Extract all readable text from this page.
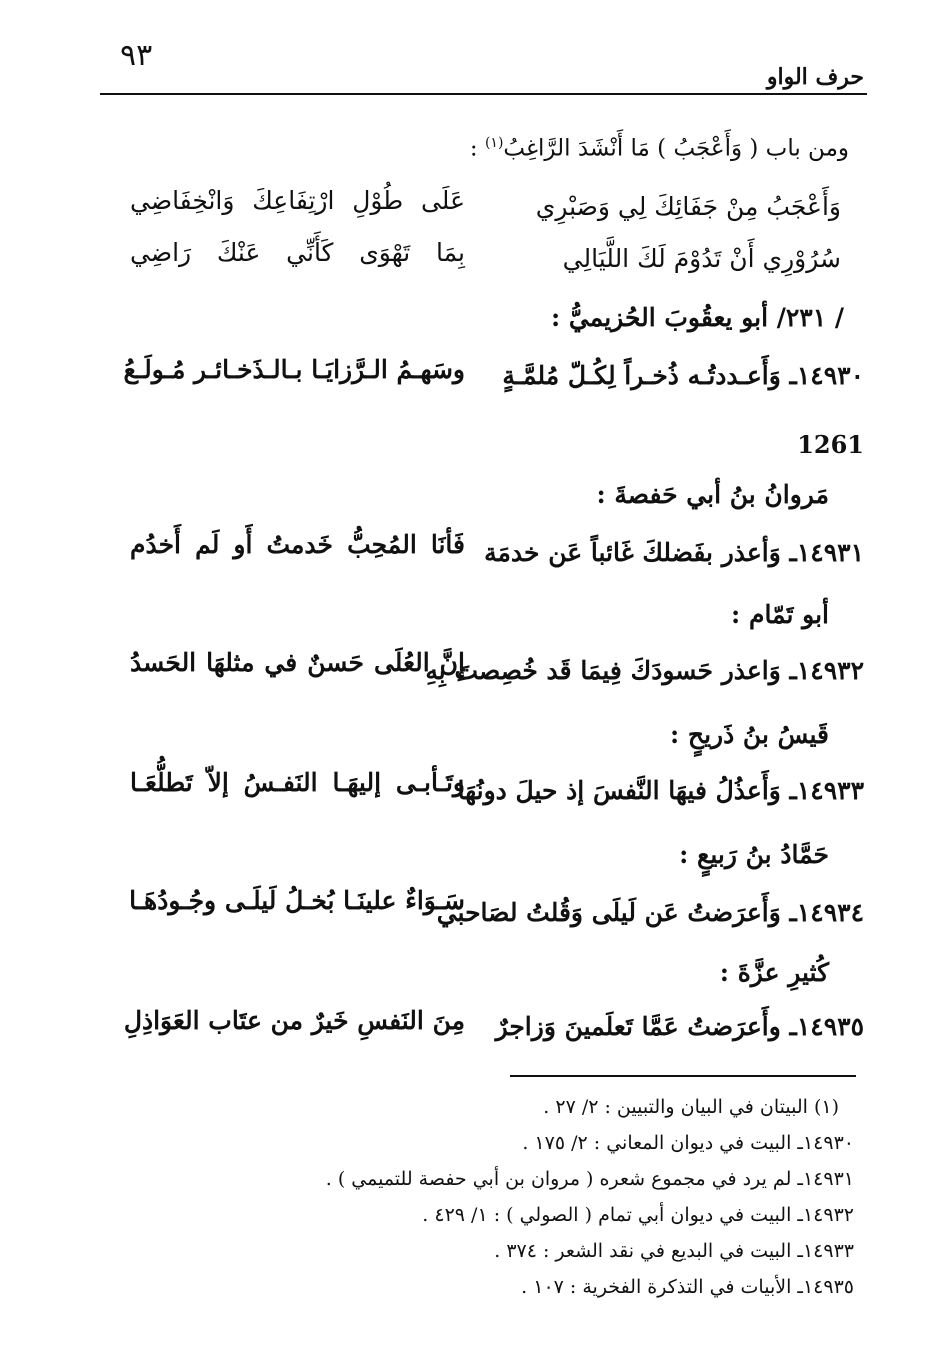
٩٣
حرف الواو
ومن باب ( وَأَعْجَبُ ) مَا أَنْشَدَ الرَّاغِبُ$^{(١)}$ :
وَأَعْجَبُ مِنْ جَفَائِكَ لِي وَصَبْرِي
عَلَى طُوْلِ ارْتِفَاعِكَ وَانْخِفَاضِي
سُرُوْرِي أَنْ تَدُوْمَ لَكَ اللَّيَالِي
بِمَا تَهْوَى كَأَنِّي عَنْكَ رَاضِي
/ ٢٣١/ أبو يعقُوبَ الحُزيميُّ :
١٤٩٣٠ـ وَأَعـددتُـه ذُخـراً لِكُـلّ مُلمَّـةٍ
وسَهـمُ الـرَّزايَـا بـالـذَخـائـر مُـولَـعُ
1261
مَروانُ بنُ أبي حَفصةَ :
١٤٩٣١ـ وَأعذر بفَضلكَ غَائباً عَن خدمَة
فَأنَا المُحِبُّ خَدمتُ أَو لَم أَخدُم
أبو تَمّام :
١٤٩٣٢ـ وَاعذر حَسودَكَ فِيمَا قَد خُصِصتَ بِهِ
إِنَّ العُلَى حَسنٌ في مثلهَا الحَسدُ
قَيسُ بنُ ذَريحٍ :
١٤٩٣٣ـ وَأَعذُلُ فيهَا النَّفسَ إذ حيلَ دونُهَا
وتَـأبـى إليهَـا النَفـسُ إلاّ تَطلُّعَـا
حَمَّادُ بنُ رَبيعٍ :
١٤٩٣٤ـ وَأَعرَضتُ عَن لَيلَى وَقُلتُ لصَاحبي
سَـوَاءٌ علينَـا بُخـلُ لَيلَـى وجُـودُهَـا
كُثيرِ عزَّةَ :
١٤٩٣٥ـ وأَعرَضتُ عَمَّا تَعلَمينَ وَزاجرٌ
مِنَ النَفسِ خَيرٌ من عتَاب العَوَاذِلِ
(١) البيتان في البيان والتبيين : ٢/ ٢٧ .
١٤٩٣٠ـ البيت في ديوان المعاني : ٢/ ١٧٥ .
١٤٩٣١ـ لم يرد في مجموع شعره ( مروان بن أبي حفصة للتميمي ) .
١٤٩٣٢ـ البيت في ديوان أبي تمام ( الصولي ) : ١/ ٤٢٩ .
١٤٩٣٣ـ البيت في البديع في نقد الشعر : ٣٧٤ .
١٤٩٣٥ـ الأبيات في التذكرة الفخرية : ١٠٧ .
